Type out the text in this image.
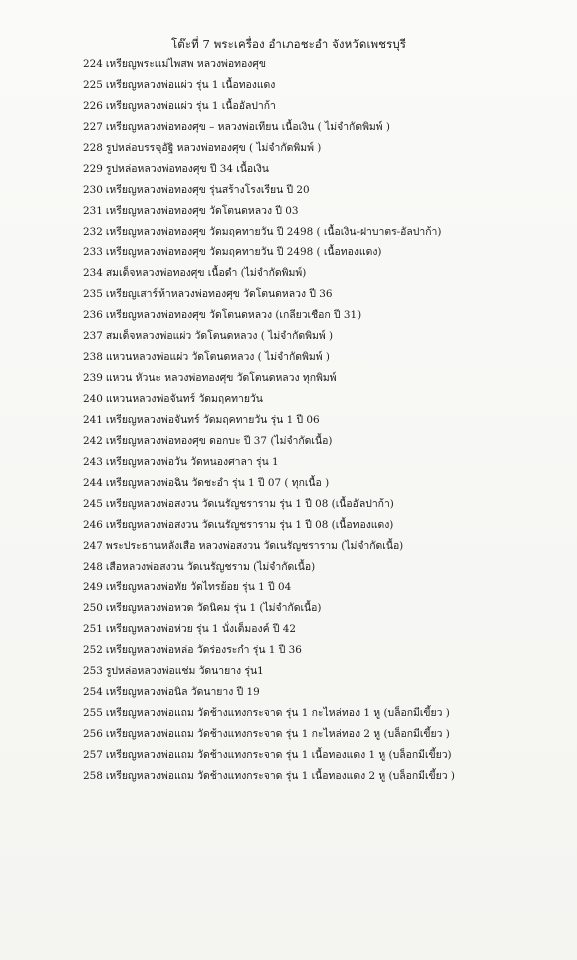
โต๊ะที่ 7 พระเครื่อง อำเภอชะอำ จังหวัดเพชรบุรี
224 เหรียญพระแม่ไพสพ หลวงพ่อทองศุข
225 เหรียญหลวงพ่อแผ่ว รุ่น 1 เนื้อทองแดง
226 เหรียญหลวงพ่อแผ่ว รุ่น 1 เนื้ออัลปาก้า
227 เหรียญหลวงพ่อทองศุข – หลวงพ่อเทียน เนื้อเงิน ( ไม่จำกัดพิมพ์ )
228 รูปหล่อบรรจุอัฐิ หลวงพ่อทองศุข ( ไม่จำกัดพิมพ์ )
229 รูปหล่อหลวงพ่อทองศุข ปี 34 เนื้อเงิน
230 เหรียญหลวงพ่อทองศุข รุ่นสร้างโรงเรียน ปี 20
231 เหรียญหลวงพ่อทองศุข วัดโตนดหลวง ปี 03
232 เหรียญหลวงพ่อทองศุข วัดมฤคทายวัน ปี 2498 ( เนื้อเงิน-ฝาบาตร-อัลปาก้า)
233 เหรียญหลวงพ่อทองศุข วัดมฤคทายวัน ปี 2498 ( เนื้อทองแดง)
234 สมเด็จหลวงพ่อทองศุข เนื้อดำ (ไม่จำกัดพิมพ์)
235 เหรียญเสาร์ห้าหลวงพ่อทองศุข วัดโตนดหลวง ปี 36
236 เหรียญหลวงพ่อทองศุข วัดโตนดหลวง (เกลียวเชือก ปี 31)
237 สมเด็จหลวงพ่อแผ่ว วัดโตนดหลวง ( ไม่จำกัดพิมพ์ )
238 แหวนหลวงพ่อแผ่ว วัดโตนดหลวง ( ไม่จำกัดพิมพ์ )
239 แหวน หัวนะ หลวงพ่อทองศุข วัดโตนดหลวง ทุกพิมพ์
240 แหวนหลวงพ่อจันทร์ วัดมฤคทายวัน
241 เหรียญหลวงพ่อจันทร์ วัดมฤคทายวัน รุ่น 1 ปี 06
242 เหรียญหลวงพ่อทองศุข ดอกบะ ปี 37 (ไม่จำกัดเนื้อ)
243 เหรียญหลวงพ่อวัน วัดหนองศาลา รุ่น 1
244 เหรียญหลวงพ่อฉิน วัดชะอำ รุ่น 1 ปี 07 ( ทุกเนื้อ )
245 เหรียญหลวงพ่อสงวน วัดเนรัญชราราม รุ่น 1 ปี 08 (เนื้ออัลปาก้า)
246 เหรียญหลวงพ่อสงวน วัดเนรัญชราราม รุ่น 1 ปี 08 (เนื้อทองแดง)
247 พระประธานหลังเสือ หลวงพ่อสงวน วัดเนรัญชราราม (ไม่จำกัดเนื้อ)
248 เสือหลวงพ่อสงวน วัดเนรัญชราม (ไม่จำกัดเนื้อ)
249 เหรียญหลวงพ่อทัย วัดไทรย้อย รุ่น 1 ปี 04
250 เหรียญหลวงพ่อหวด วัดนิคม รุ่น 1 (ไม่จำกัดเนื้อ)
251 เหรียญหลวงพ่อห่วย รุ่น 1 นั่งเต็มองค์ ปี 42
252 เหรียญหลวงพ่อหล่อ วัดร่องระกำ รุ่น 1 ปี 36
253 รูปหล่อหลวงพ่อแช่ม วัดนายาง รุ่น1
254 เหรียญหลวงพ่อนิล วัดนายาง ปี 19
255 เหรียญหลวงพ่อแถม วัดช้างแทงกระจาด รุ่น 1 กะไหล่ทอง 1 หู (บล็อกมีเขี้ยว )
256 เหรียญหลวงพ่อแถม วัดช้างแทงกระจาด รุ่น 1 กะไหล่ทอง 2 หู (บล็อกมีเขี้ยว )
257 เหรียญหลวงพ่อแถม วัดช้างแทงกระจาด รุ่น 1 เนื้อทองแดง 1 หู (บล็อกมีเขี้ยว)
258 เหรียญหลวงพ่อแถม วัดช้างแทงกระจาด รุ่น 1 เนื้อทองแดง 2 หู (บล็อกมีเขี้ยว )
